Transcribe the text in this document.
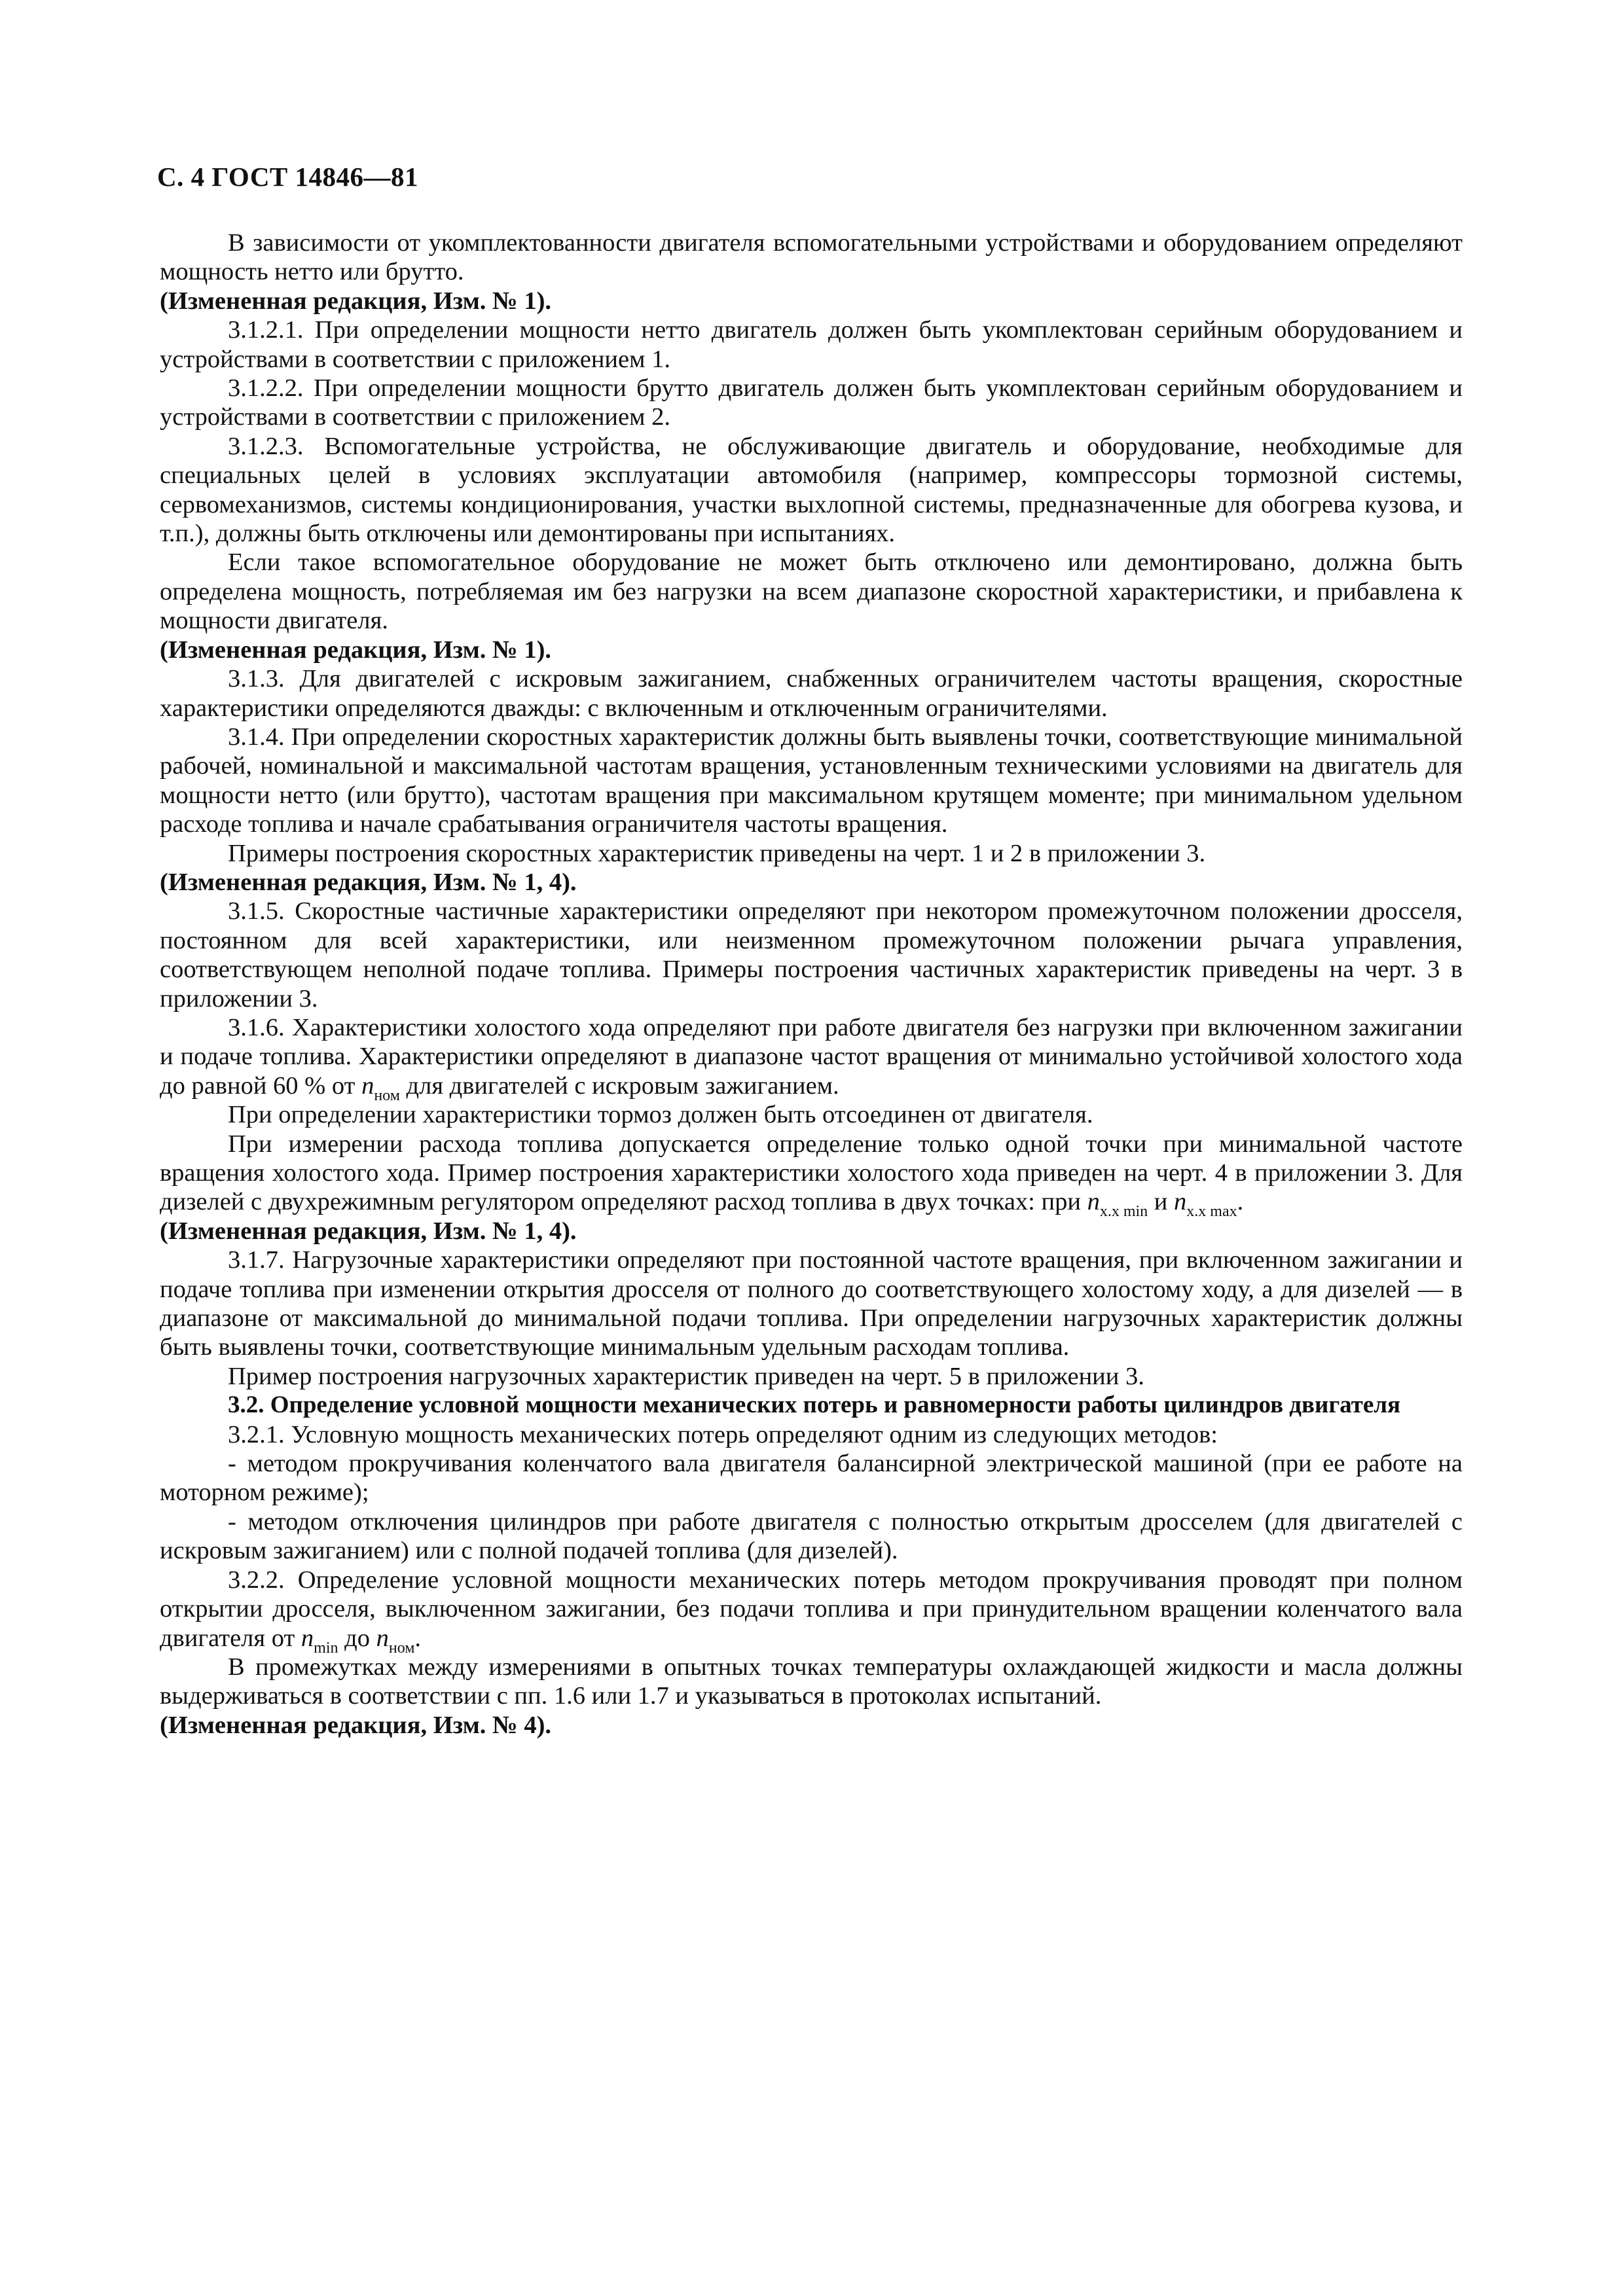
С. 4 ГОСТ 14846—81

В зависимости от укомплектованности двигателя вспомогательными устройствами и оборудованием определяют мощность нетто или брутто.

(Измененная редакция, Изм. № 1).

3.1.2.1. При определении мощности нетто двигатель должен быть укомплектован серийным оборудованием и устройствами в соответствии с приложением 1.

3.1.2.2. При определении мощности брутто двигатель должен быть укомплектован серийным оборудованием и устройствами в соответствии с приложением 2.

3.1.2.3. Вспомогательные устройства, не обслуживающие двигатель и оборудование, необходимые для специальных целей в условиях эксплуатации автомобиля (например, компрессоры тормозной системы, сервомеханизмов, системы кондиционирования, участки выхлопной системы, предназначенные для обогрева кузова, и т.п.), должны быть отключены или демонтированы при испытаниях.

Если такое вспомогательное оборудование не может быть отключено или демонтировано, должна быть определена мощность, потребляемая им без нагрузки на всем диапазоне скоростной характеристики, и прибавлена к мощности двигателя.

(Измененная редакция, Изм. № 1).

3.1.3. Для двигателей с искровым зажиганием, снабженных ограничителем частоты вращения, скоростные характеристики определяются дважды: с включенным и отключенным ограничителями.

3.1.4. При определении скоростных характеристик должны быть выявлены точки, соответствующие минимальной рабочей, номинальной и максимальной частотам вращения, установленным техническими условиями на двигатель для мощности нетто (или брутто), частотам вращения при максимальном крутящем моменте; при минимальном удельном расходе топлива и начале срабатывания ограничителя частоты вращения.

Примеры построения скоростных характеристик приведены на черт. 1 и 2 в приложении 3.

(Измененная редакция, Изм. № 1, 4).

3.1.5. Скоростные частичные характеристики определяют при некотором промежуточном положении дросселя, постоянном для всей характеристики, или неизменном промежуточном положении рычага управления, соответствующем неполной подаче топлива. Примеры построения частичных характеристик приведены на черт. 3 в приложении 3.

3.1.6. Характеристики холостого хода определяют при работе двигателя без нагрузки при включенном зажигании и подаче топлива. Характеристики определяют в диапазоне частот вращения от минимально устойчивой холостого хода до равной 60 % от $n_{ном}$ для двигателей с искровым зажиганием.

При определении характеристики тормоз должен быть отсоединен от двигателя.

При измерении расхода топлива допускается определение только одной точки при минимальной частоте вращения холостого хода. Пример построения характеристики холостого хода приведен на черт. 4 в приложении 3. Для дизелей с двухрежимным регулятором определяют расход топлива в двух точках: при $n_{х.х min}$ и $n_{х.х max}$.

(Измененная редакция, Изм. № 1, 4).

3.1.7. Нагрузочные характеристики определяют при постоянной частоте вращения, при включенном зажигании и подаче топлива при изменении открытия дросселя от полного до соответствующего холостому ходу, а для дизелей — в диапазоне от максимальной до минимальной подачи топлива. При определении нагрузочных характеристик должны быть выявлены точки, соответствующие минимальным удельным расходам топлива.

Пример построения нагрузочных характеристик приведен на черт. 5 в приложении 3.

3.2. Определение условной мощности механических потерь и равномерности работы цилиндров двигателя

3.2.1. Условную мощность механических потерь определяют одним из следующих методов:

- методом прокручивания коленчатого вала двигателя балансирной электрической машиной (при ее работе на моторном режиме);

- методом отключения цилиндров при работе двигателя с полностью открытым дросселем (для двигателей с искровым зажиганием) или с полной подачей топлива (для дизелей).

3.2.2. Определение условной мощности механических потерь методом прокручивания проводят при полном открытии дросселя, выключенном зажигании, без подачи топлива и при принудительном вращении коленчатого вала двигателя от $n_{min}$ до $n_{ном}$.

В промежутках между измерениями в опытных точках температуры охлаждающей жидкости и масла должны выдерживаться в соответствии с пп. 1.6 или 1.7 и указываться в протоколах испытаний.

(Измененная редакция, Изм. № 4).
